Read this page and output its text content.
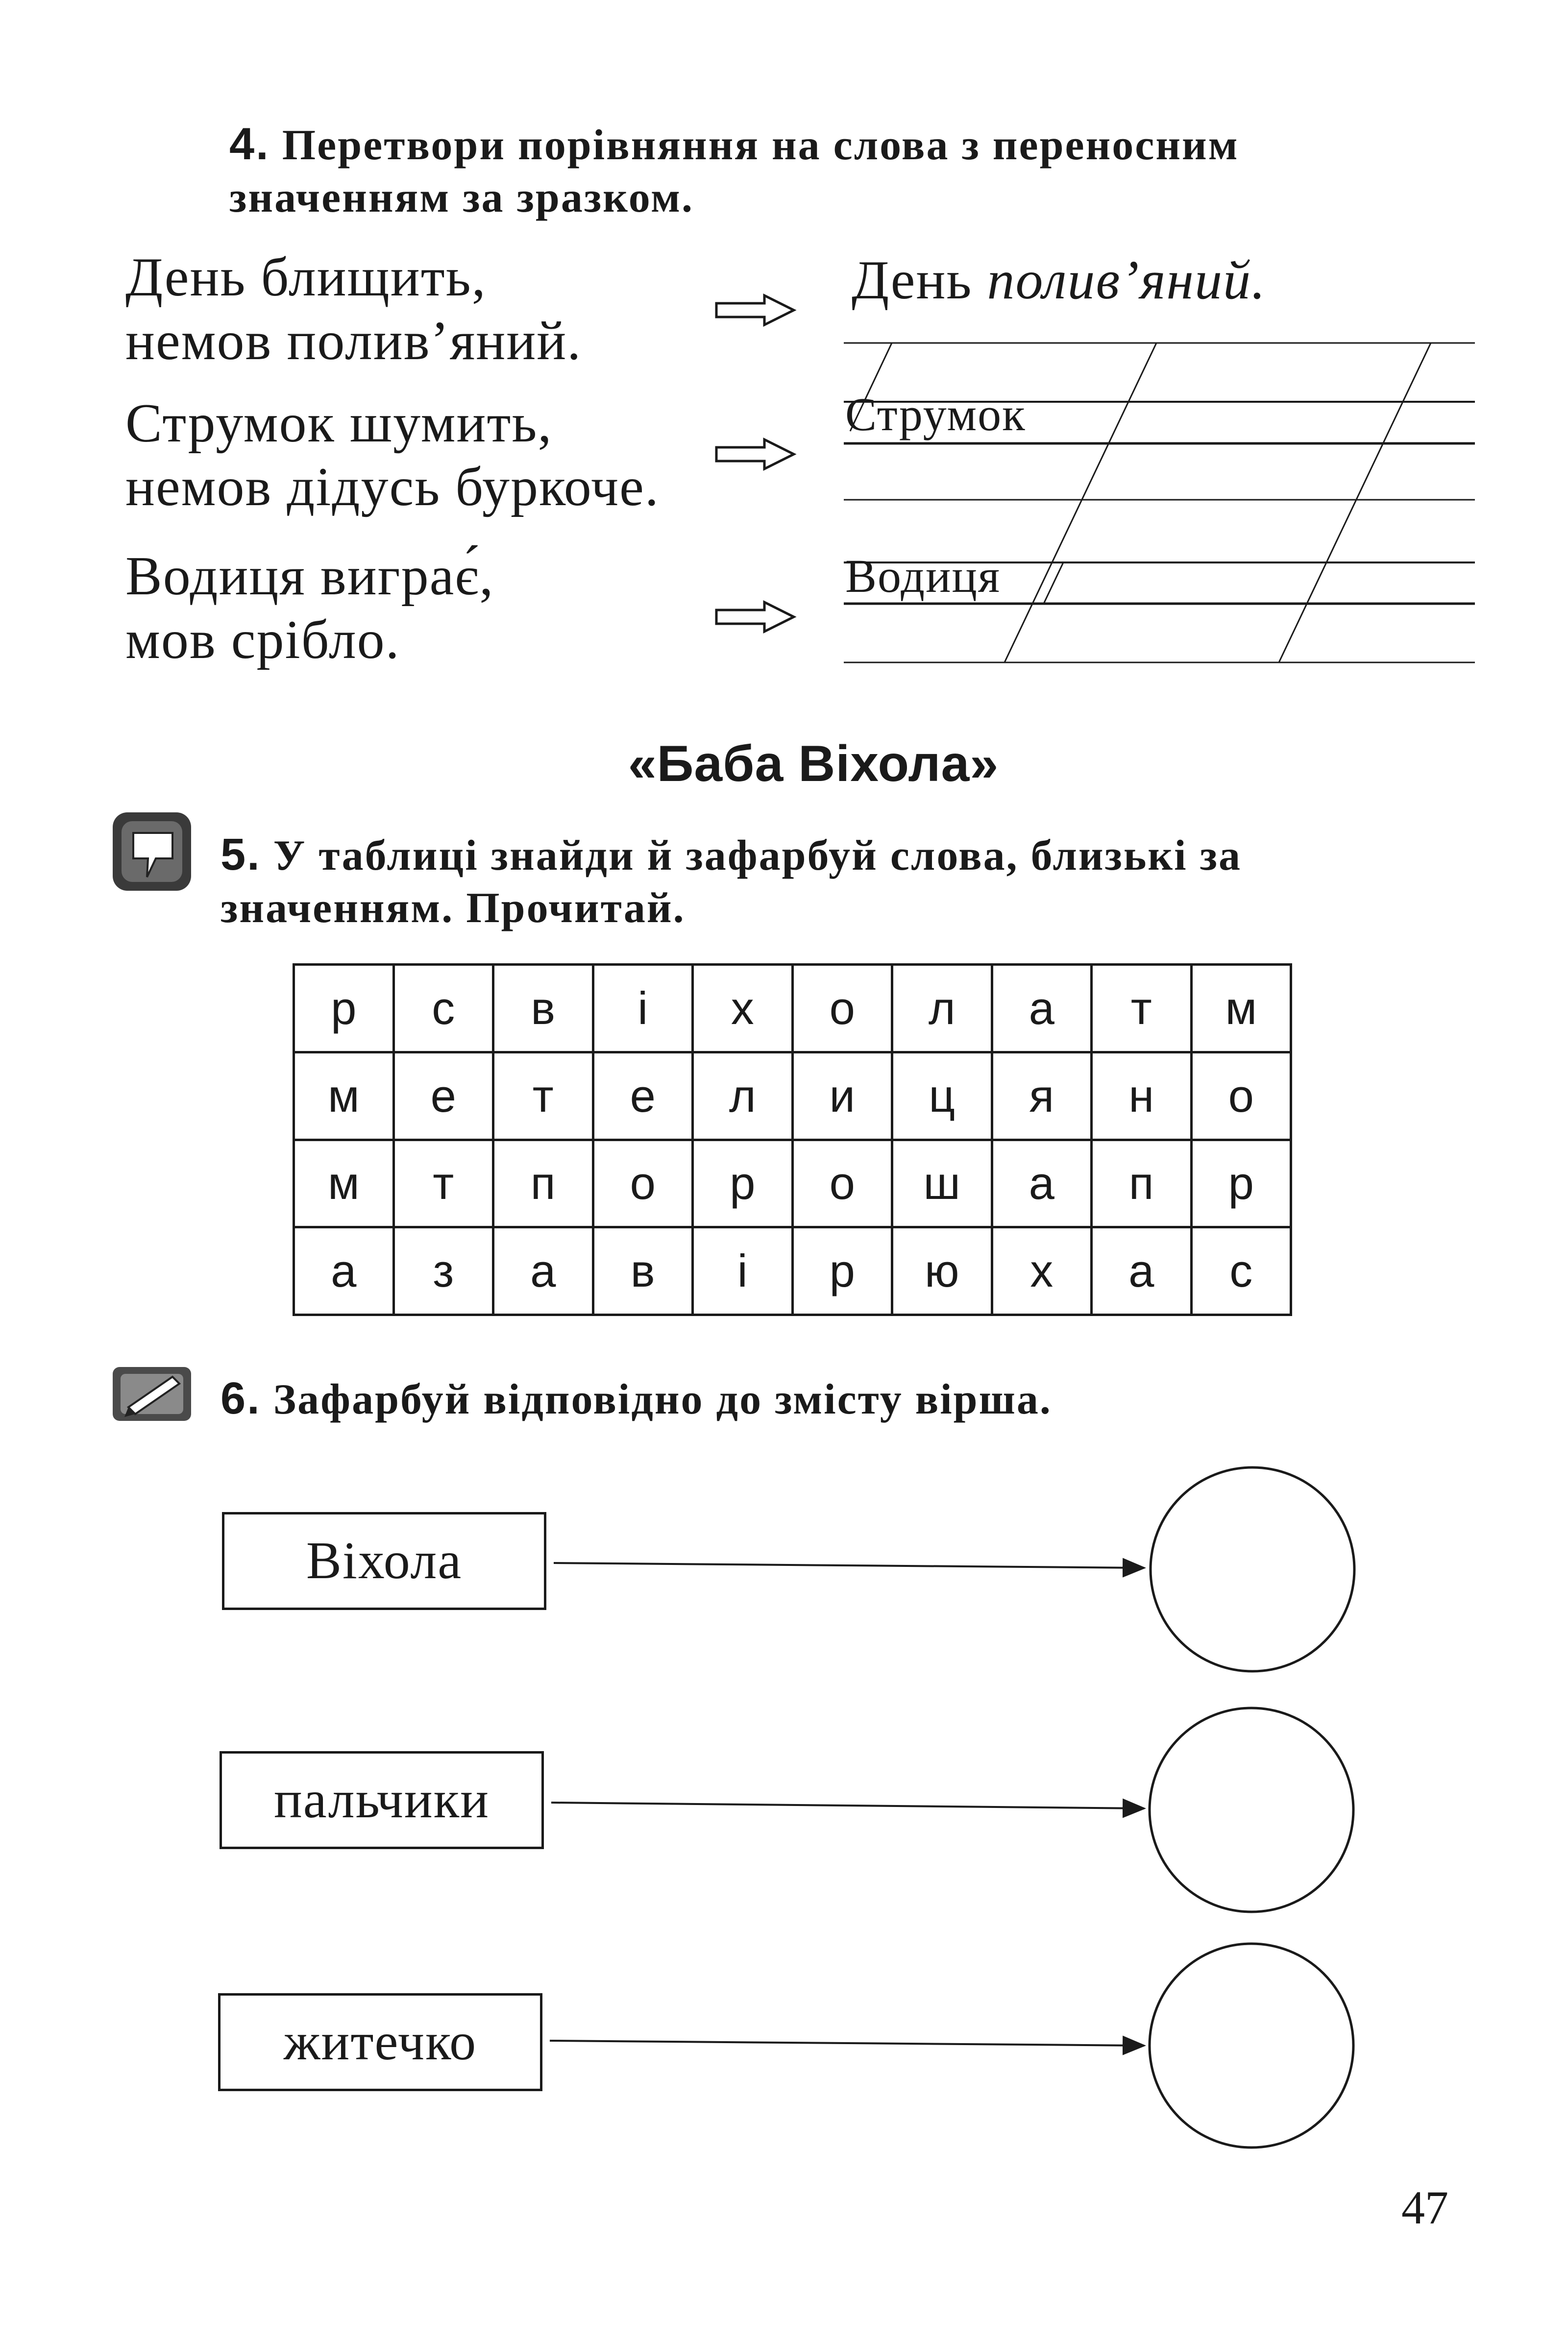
4. Перетвори порівняння на слова з переносним
значенням за зразком.
День блищить,
немов полив’яний.
Струмок шумить,
немов дідусь буркоче.
Водиця виграє́,
мов срібло.
День полив’яний.
Струмок
Водиця
«Баба Віхола»
5. У таблиці знайди й зафарбуй слова, близькі за
значенням. Прочитай.
р	с	в	і	х	о	л	а	т	м
м	е	т	е	л	и	ц	я	н	о
м	т	п	о	р	о	ш	а	п	р
а	з	а	в	і	р	ю	х	а	с
6. Зафарбуй відповідно до змісту вірша.
Віхола
пальчики
житечко
47
